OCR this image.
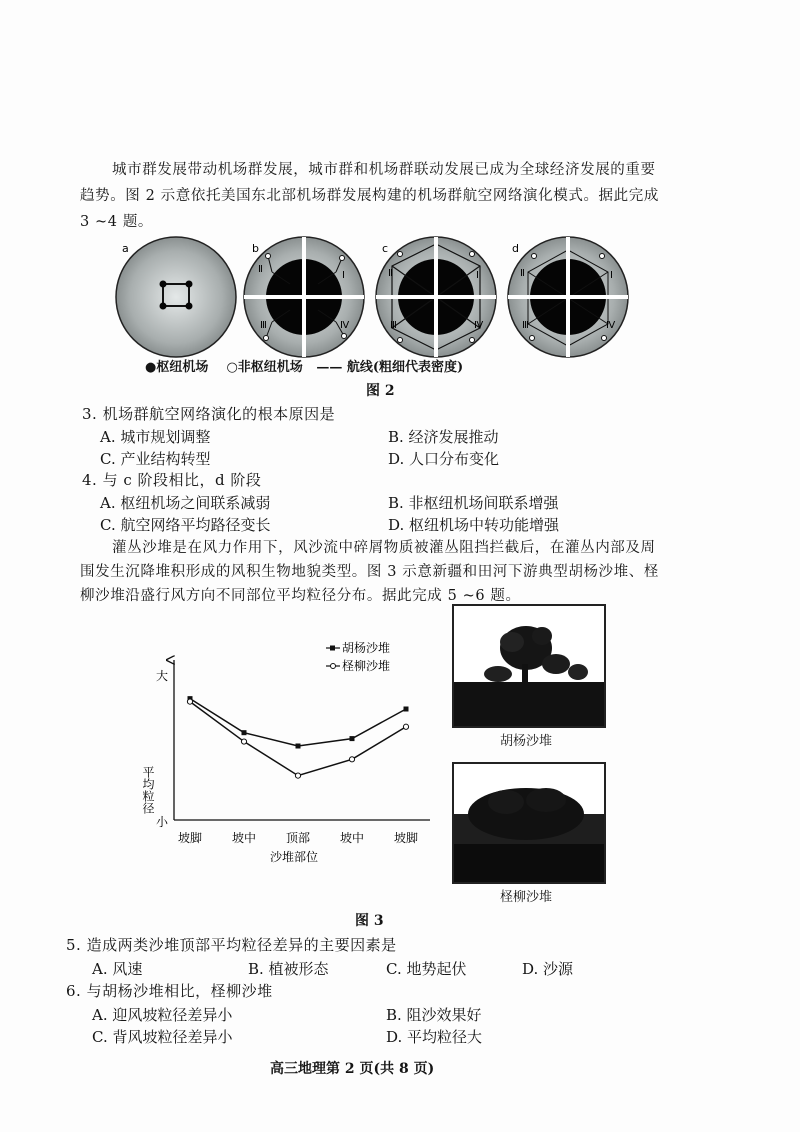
城市群发展带动机场群发展，城市群和机场群联动发展已成为全球经济发展的重要
趋势。图 2 示意依托美国东北部机场群发展构建的机场群航空网络演化模式。据此完成
3 ~4 题。
a	b
Ⅱ
Ⅰ
Ⅲ	Ⅳ
c
Ⅱ	Ⅰ
Ⅲ	Ⅳ
d
Ⅱ	Ⅰ
Ⅲ	Ⅳ
●枢纽机场 ○非枢纽机场 —— 航线(粗细代表密度)
图 2
3. 机场群航空网络演化的根本原因是
A. 城市规划调整	B. 经济发展推动
C. 产业结构转型	D. 人口分布变化
4. 与 c 阶段相比，d 阶段
A. 枢纽机场之间联系减弱	B. 非枢纽机场间联系增强
C. 航空网络平均路径变长	D. 枢纽机场中转功能增强
灌丛沙堆是在风力作用下，风沙流中碎屑物质被灌丛阻挡拦截后，在灌丛内部及周
围发生沉降堆积形成的风积生物地貌类型。图 3 示意新疆和田河下游典型胡杨沙堆、柽
柳沙堆沿盛行风方向不同部位平均粒径分布。据此完成 5 ~6 题。
大
小
平均粒径
坡脚 坡中 顶部 坡中 坡脚
沙堆部位
胡杨沙堆
柽柳沙堆
胡杨沙堆
柽柳沙堆
图 3
5. 造成两类沙堆顶部平均粒径差异的主要因素是
A. 风速	B. 植被形态	C. 地势起伏	D. 沙源
6. 与胡杨沙堆相比，柽柳沙堆
A. 迎风坡粒径差异小	B. 阻沙效果好
C. 背风坡粒径差异小	D. 平均粒径大
高三地理第 2 页(共 8 页)
